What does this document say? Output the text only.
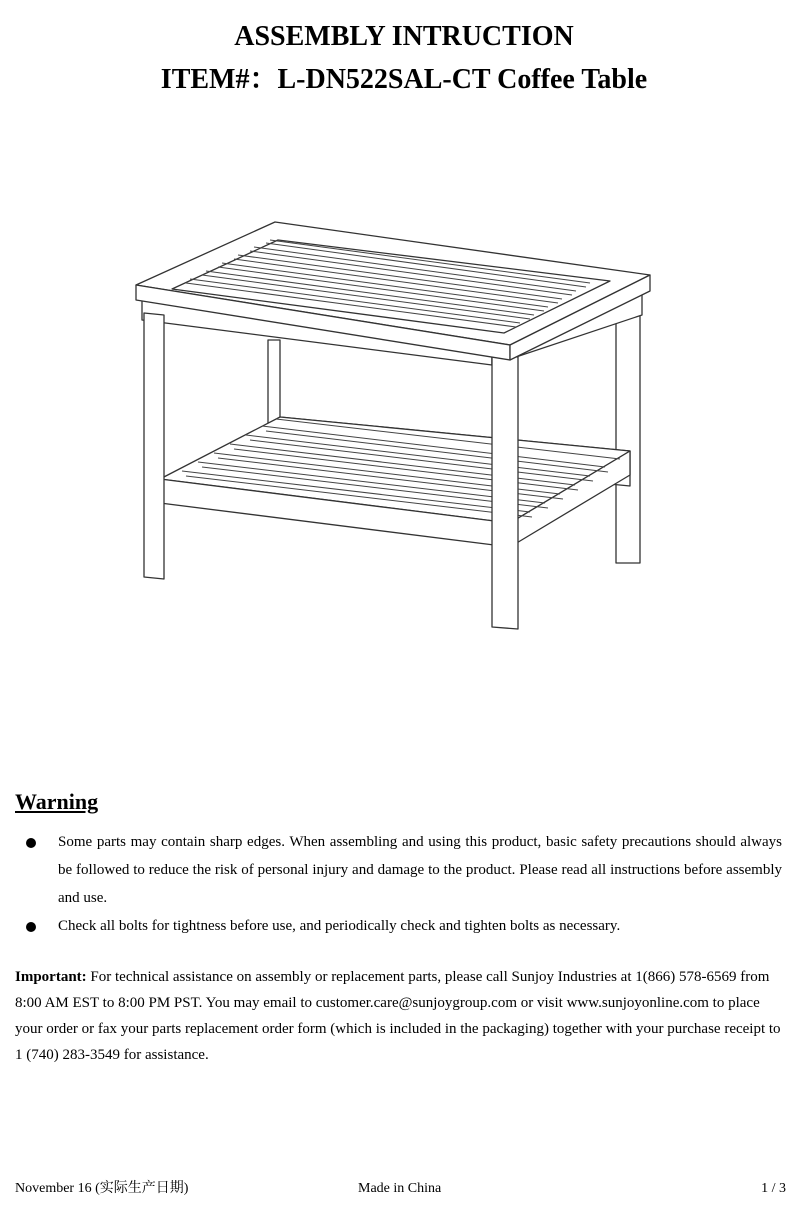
ASSEMBLY INTRUCTION
ITEM#：L-DN522SAL-CT Coffee Table
Warning
Some parts may contain sharp edges. When assembling and using this product, basic safety precautions should always be followed to reduce the risk of personal injury and damage to the product. Please read all instructions before assembly and use.
Check all bolts for tightness before use, and periodically check and tighten bolts as necessary.

Important: For technical assistance on assembly or replacement parts, please call Sunjoy Industries at 1(866) 578-6569 from 8:00 AM EST to 8:00 PM PST. You may email to customer.care@sunjoygroup.com or visit www.sunjoyonline.com to place your order or fax your parts replacement order form (which is included in the packaging) together with your purchase receipt to 1 (740) 283-3549 for assistance.

November 16 (实际生产日期)	Made in China	1 / 3
